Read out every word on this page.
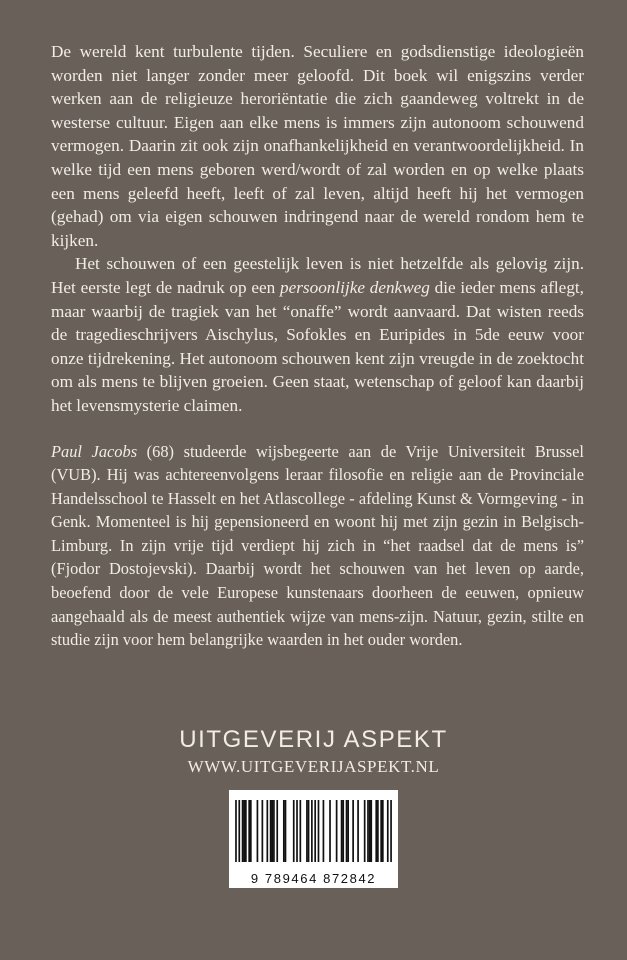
De wereld kent turbulente tijden. Seculiere en godsdienstige ideologieën worden niet langer zonder meer geloofd. Dit boek wil enigszins verder werken aan de religieuze heroriëntatie die zich gaandeweg voltrekt in de westerse cultuur. Eigen aan elke mens is immers zijn autonoom schouwend vermogen. Daarin zit ook zijn onafhankelijkheid en verantwoordelijkheid. In welke tijd een mens geboren werd/wordt of zal worden en op welke plaats een mens geleefd heeft, leeft of zal leven, altijd heeft hij het vermogen (gehad) om via eigen schouwen indringend naar de wereld rondom hem te kijken.

Het schouwen of een geestelijk leven is niet hetzelfde als gelovig zijn. Het eerste legt de nadruk op een persoonlijke denkweg die ieder mens aflegt, maar waarbij de tragiek van het “onaffe” wordt aanvaard. Dat wisten reeds de tragedieschrijvers Aischylus, Sofokles en Euripides in 5de eeuw voor onze tijdrekening. Het autonoom schouwen kent zijn vreugde in de zoektocht om als mens te blijven groeien. Geen staat, wetenschap of geloof kan daarbij het levensmysterie claimen.

Paul Jacobs (68) studeerde wijsbegeerte aan de Vrije Universiteit Brussel (VUB). Hij was achtereenvolgens leraar filosofie en religie aan de Provinciale Handelsschool te Hasselt en het Atlascollege - afdeling Kunst & Vormgeving - in Genk. Momenteel is hij gepensioneerd en woont hij met zijn gezin in Belgisch- Limburg. In zijn vrije tijd verdiept hij zich in “het raadsel dat de mens is” (Fjodor Dostojevski). Daarbij wordt het schouwen van het leven op aarde, beoefend door de vele Europese kunstenaars doorheen de eeuwen, opnieuw aangehaald als de meest authentiek wijze van mens-zijn. Natuur, gezin, stilte en studie zijn voor hem belangrijke waarden in het ouder worden.

UITGEVERIJ ASPEKT
WWW.UITGEVERIJASPEKT.NL
9 789464 872842
